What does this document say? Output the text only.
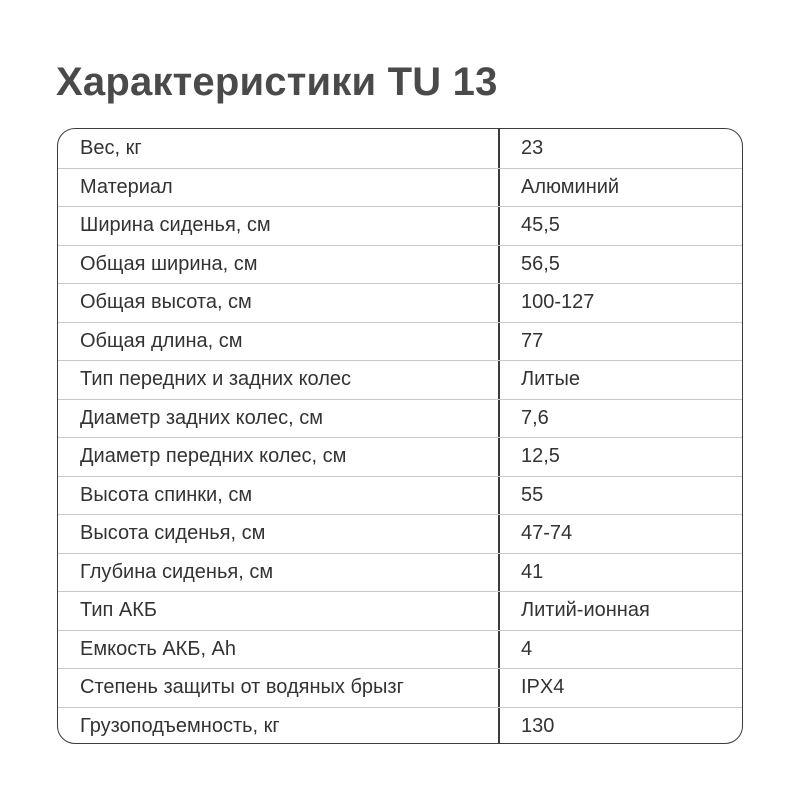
Характеристики TU 13
Вес, кг	23
Материал	Алюминий
Ширина сиденья, см	45,5
Общая ширина, см	56,5
Общая высота, см	100-127
Общая длина, см	77
Тип передних и задних колес	Литые
Диаметр задних колес, см	7,6
Диаметр передних колес, см	12,5
Высота спинки, см	55
Высота сиденья, см	47-74
Глубина сиденья, см	41
Тип АКБ	Литий-ионная
Емкость АКБ, Ah	4
Степень защиты от водяных брызг	IPX4
Грузоподъемность, кг	130
